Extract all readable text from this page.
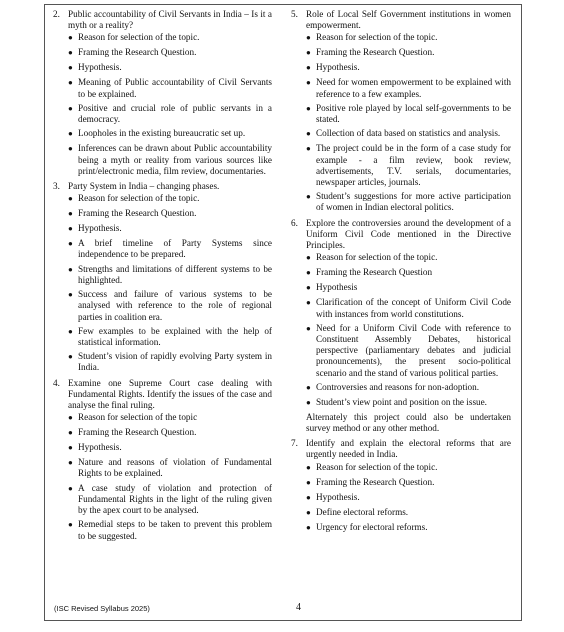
2. Public accountability of Civil Servants in India – Is it a myth or a reality?
● Reason for selection of the topic.
● Framing the Research Question.
● Hypothesis.
● Meaning of Public accountability of Civil Servants to be explained.
● Positive and crucial role of public servants in a democracy.
● Loopholes in the existing bureaucratic set up.
● Inferences can be drawn about Public accountability being a myth or reality from various sources like print/electronic media, film review, documentaries.
3. Party System in India – changing phases.
● Reason for selection of the topic.
● Framing the Research Question.
● Hypothesis.
● A brief timeline of Party Systems since independence to be prepared.
● Strengths and limitations of different systems to be highlighted.
● Success and failure of various systems to be analysed with reference to the role of regional parties in coalition era.
● Few examples to be explained with the help of statistical information.
● Student’s vision of rapidly evolving Party system in India.
4. Examine one Supreme Court case dealing with Fundamental Rights. Identify the issues of the case and analyse the final ruling.
● Reason for selection of the topic
● Framing the Research Question.
● Hypothesis.
● Nature and reasons of violation of Fundamental Rights to be explained.
● A case study of violation and protection of Fundamental Rights in the light of the ruling given by the apex court to be analysed.
● Remedial steps to be taken to prevent this problem to be suggested.
5. Role of Local Self Government institutions in women empowerment.
● Reason for selection of the topic.
● Framing the Research Question.
● Hypothesis.
● Need for women empowerment to be explained with reference to a few examples.
● Positive role played by local self-governments to be stated.
● Collection of data based on statistics and analysis.
● The project could be in the form of a case study for example - a film review, book review, advertisements, T.V. serials, documentaries, newspaper articles, journals.
● Student’s suggestions for more active participation of women in Indian electoral politics.
6. Explore the controversies around the development of a Uniform Civil Code mentioned in the Directive Principles.
● Reason for selection of the topic.
● Framing the Research Question
● Hypothesis
● Clarification of the concept of Uniform Civil Code with instances from world constitutions.
● Need for a Uniform Civil Code with reference to Constituent Assembly Debates, historical perspective (parliamentary debates and judicial pronouncements), the present socio-political scenario and the stand of various political parties.
● Controversies and reasons for non-adoption.
● Student’s view point and position on the issue.
Alternately this project could also be undertaken survey method or any other method.
7. Identify and explain the electoral reforms that are urgently needed in India.
● Reason for selection of the topic.
● Framing the Research Question.
● Hypothesis.
● Define electoral reforms.
● Urgency for electoral reforms.
(ISC Revised Syllabus 2025)	4
